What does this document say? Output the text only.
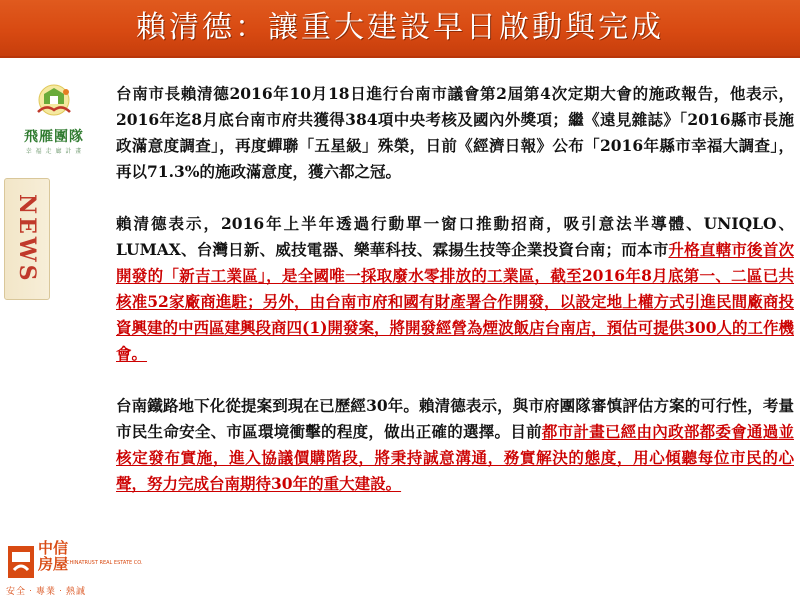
賴清德：讓重大建設早日啟動與完成
飛雁團隊
幸 福 走 廊 計 畫
NEWS
中信房屋
CHINATRUST REAL ESTATE CO.
安全‧專業‧熱誠

台南市長賴清德2016年10月18日進行台南市議會第2屆第4次定期大會的施政報告，他表示，2016年迄8月底台南市府共獲得384項中央考核及國內外獎項；繼《遠見雜誌》「2016縣市長施政滿意度調查」，再度蟬聯「五星級」殊榮，日前《經濟日報》公布「2016年縣市幸福大調查」，再以71.3%的施政滿意度，獲六都之冠。

賴清德表示，2016年上半年透過行動單一窗口推動招商，吸引意法半導體、UNIQLO、LUMAX、台灣日新、威技電器、樂華科技、霖揚生技等企業投資台南；而本市升格直轄市後首次開發的「新吉工業區」，是全國唯一採取廢水零排放的工業區，截至2016年8月底第一、二區已共核准52家廠商進駐；另外，由台南市府和國有財產署合作開發，以設定地上權方式引進民間廠商投資興建的中西區建興段商四(1)開發案，將開發經營為煙波飯店台南店，預估可提供300人的工作機會。

台南鐵路地下化從提案到現在已歷經30年。賴清德表示，與市府團隊審慎評估方案的可行性，考量市民生命安全、市區環境衝擊的程度，做出正確的選擇。目前都市計畫已經由內政部都委會通過並核定發布實施，進入協議價購階段，將秉持誠意溝通，務實解決的態度，用心傾聽每位市民的心聲，努力完成台南期待30年的重大建設。
